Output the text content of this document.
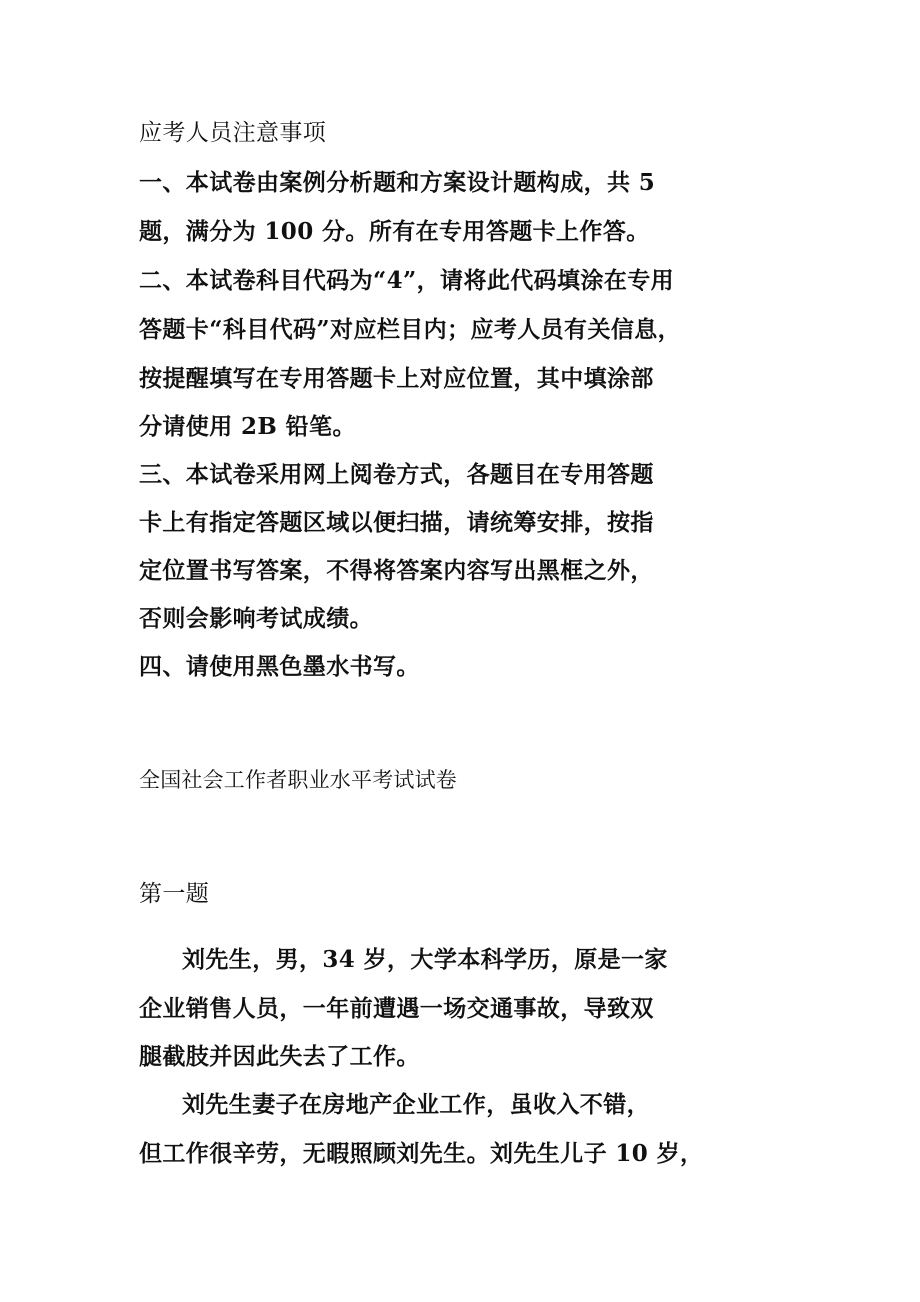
应考人员注意事项
一、本试卷由案例分析题和方案设计题构成，共 5
题，满分为 100 分。所有在专用答题卡上作答。
二、本试卷科目代码为“4”，请将此代码填涂在专用
答题卡“科目代码”对应栏目内；应考人员有关信息，
按提醒填写在专用答题卡上对应位置，其中填涂部
分请使用 2B 铅笔。
三、本试卷采用网上阅卷方式，各题目在专用答题
卡上有指定答题区域以便扫描，请统筹安排，按指
定位置书写答案，不得将答案内容写出黑框之外，
否则会影响考试成绩。
四、请使用黑色墨水书写。
全国社会工作者职业水平考试试卷
第一题
刘先生，男，34 岁，大学本科学历，原是一家
企业销售人员，一年前遭遇一场交通事故，导致双
腿截肢并因此失去了工作。
刘先生妻子在房地产企业工作，虽收入不错，
但工作很辛劳，无暇照顾刘先生。刘先生儿子 10 岁，
